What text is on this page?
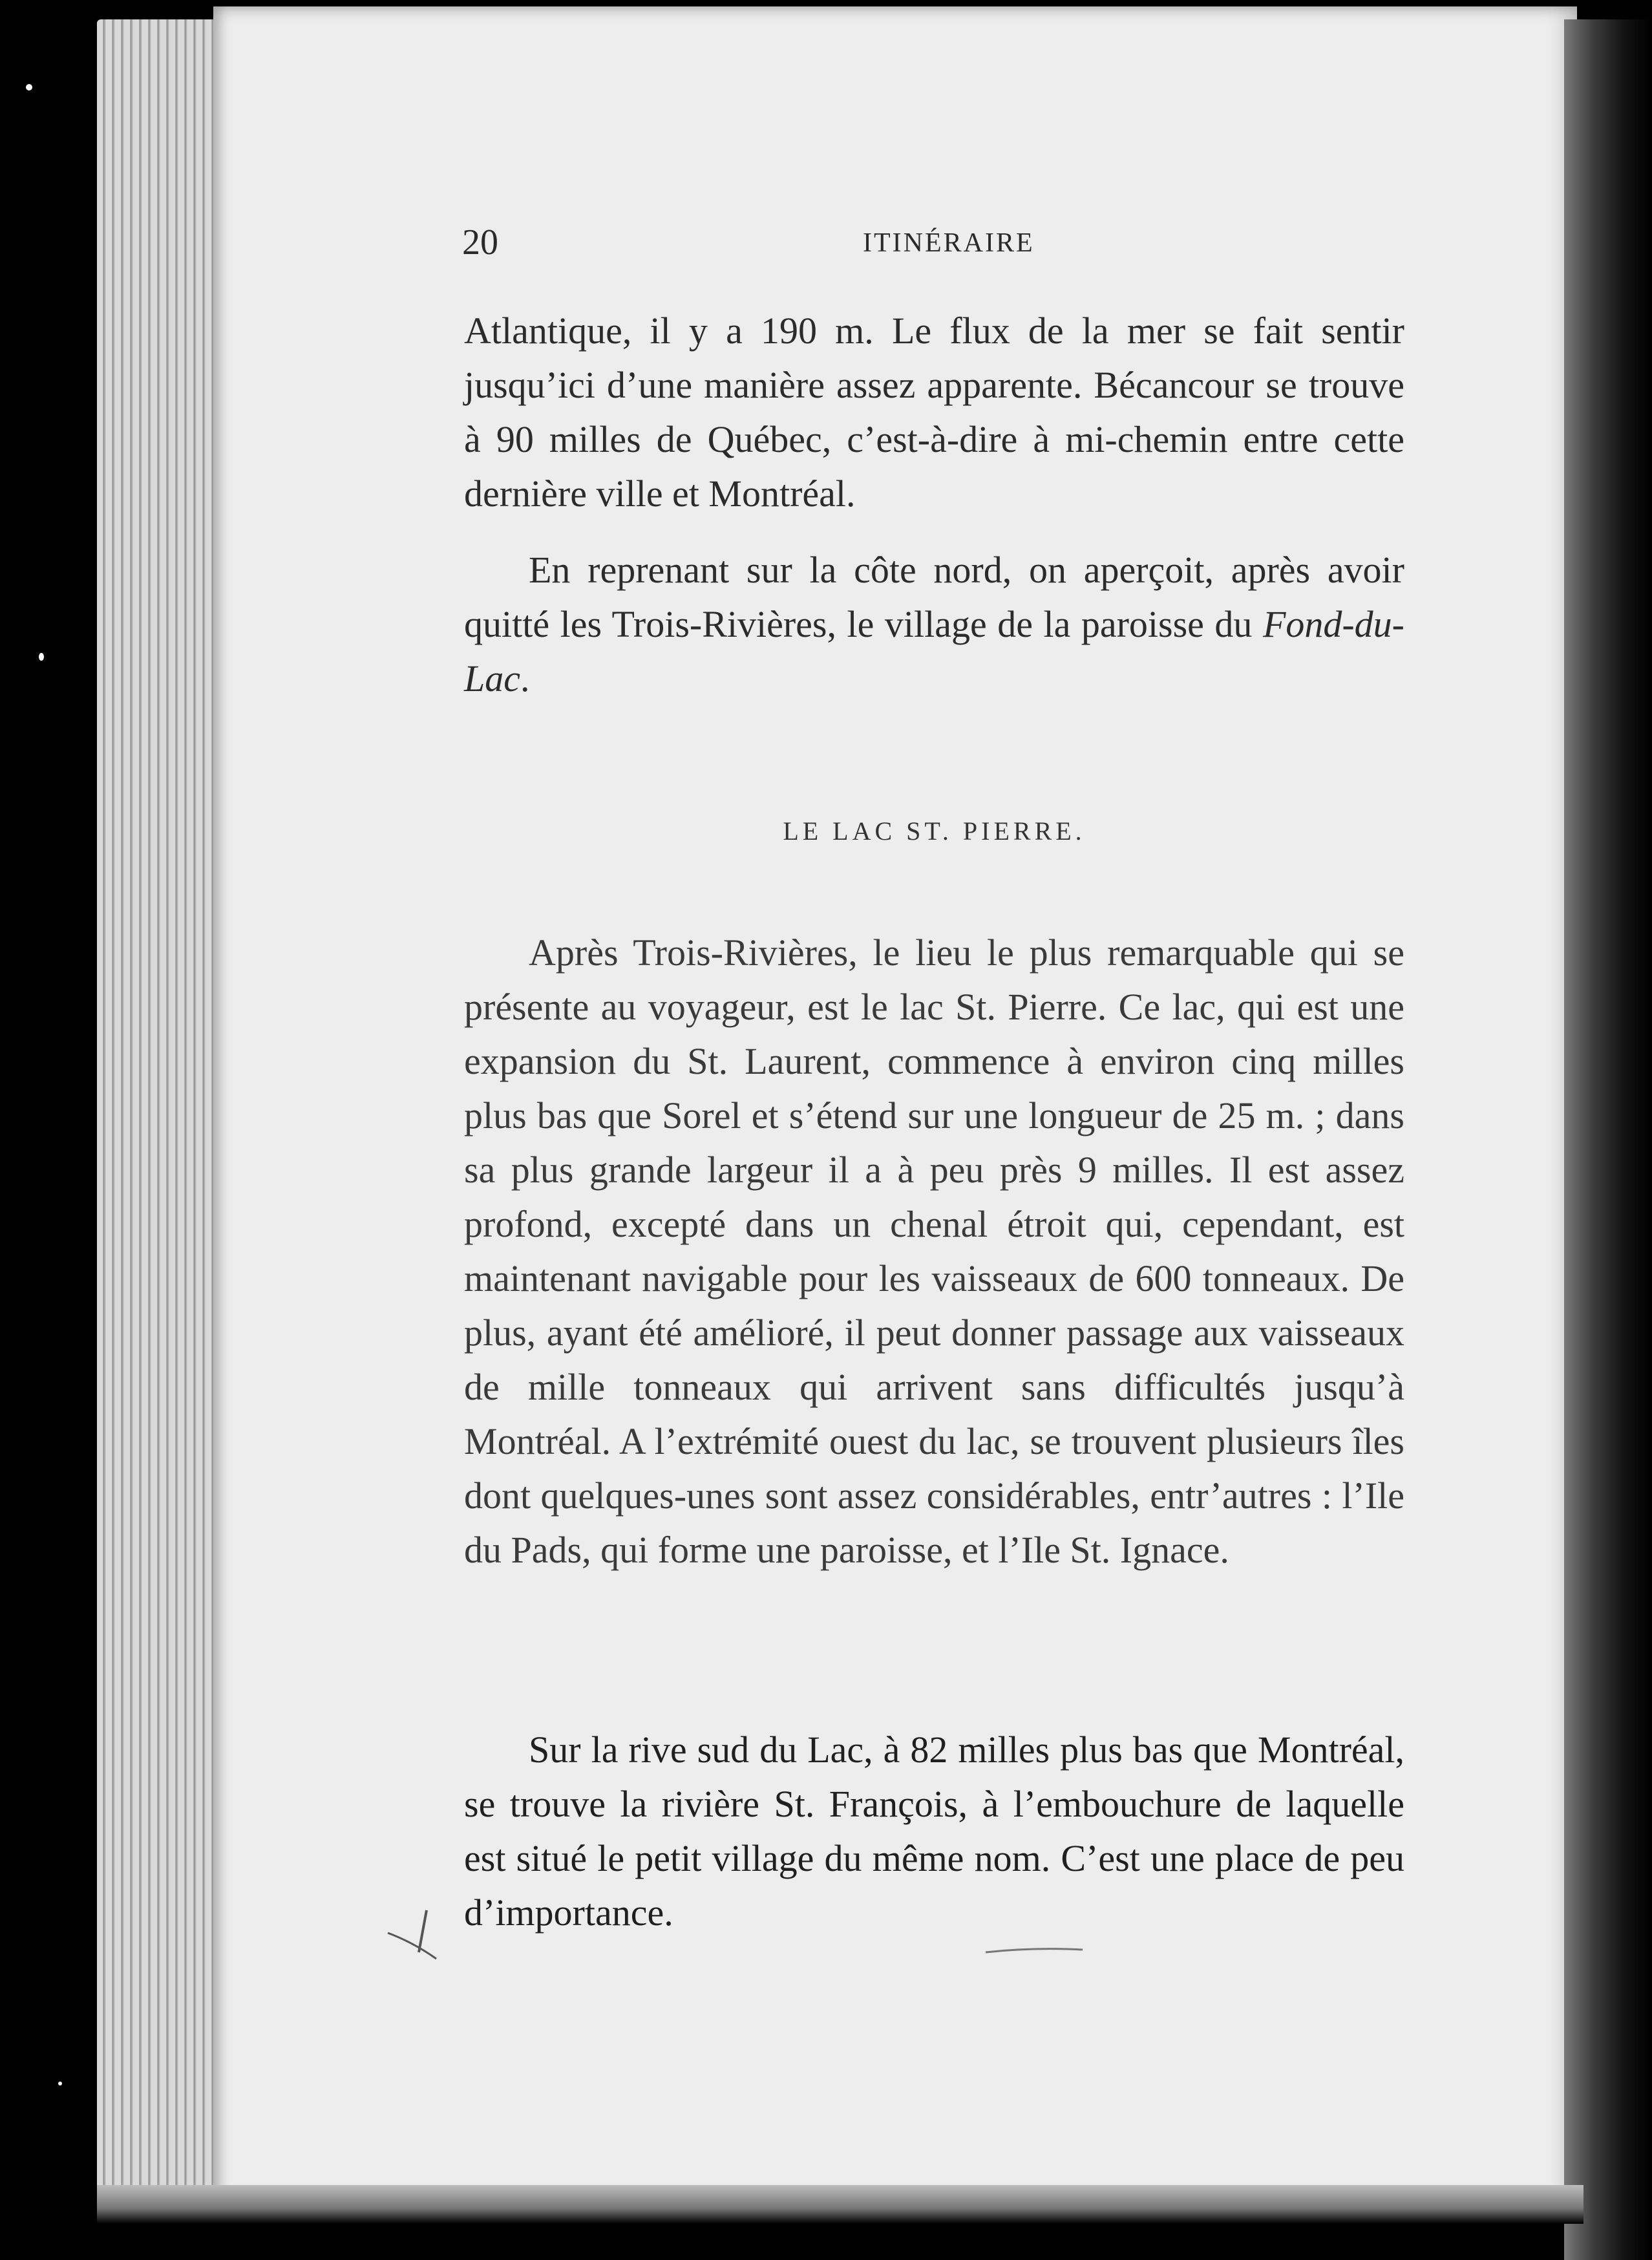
20	ITINÉRAIRE

Atlantique, il y a 190 m. Le flux de la mer se fait sentir jusqu’ici d’une manière assez apparente. Bécancour se trouve à 90 milles de Québec, c’est-à-dire à mi-chemin entre cette dernière ville et Montréal.

En reprenant sur la côte nord, on aperçoit, après avoir quitté les Trois-Rivières, le village de la paroisse du Fond-du-Lac.

LE LAC ST. PIERRE.

Après Trois-Rivières, le lieu le plus remarquable qui se présente au voyageur, est le lac St. Pierre. Ce lac, qui est une expansion du St. Laurent, commence à environ cinq milles plus bas que Sorel et s’étend sur une longueur de 25 m. ; dans sa plus grande largeur il a à peu près 9 milles. Il est assez profond, excepté dans un chenal étroit qui, cependant, est maintenant navigable pour les vaisseaux de 600 tonneaux. De plus, ayant été amélioré, il peut donner passage aux vaisseaux de mille tonneaux qui arrivent sans difficultés jusqu’à Montréal. A l’extrémité ouest du lac, se trouvent plusieurs îles dont quelques-unes sont assez considérables, entr’autres : l’Ile du Pads, qui forme une paroisse, et l’Ile St. Ignace.

Sur la rive sud du Lac, à 82 milles plus bas que Montréal, se trouve la rivière St. François, à l’embouchure de laquelle est situé le petit village du même nom. C’est une place de peu d’importance.
